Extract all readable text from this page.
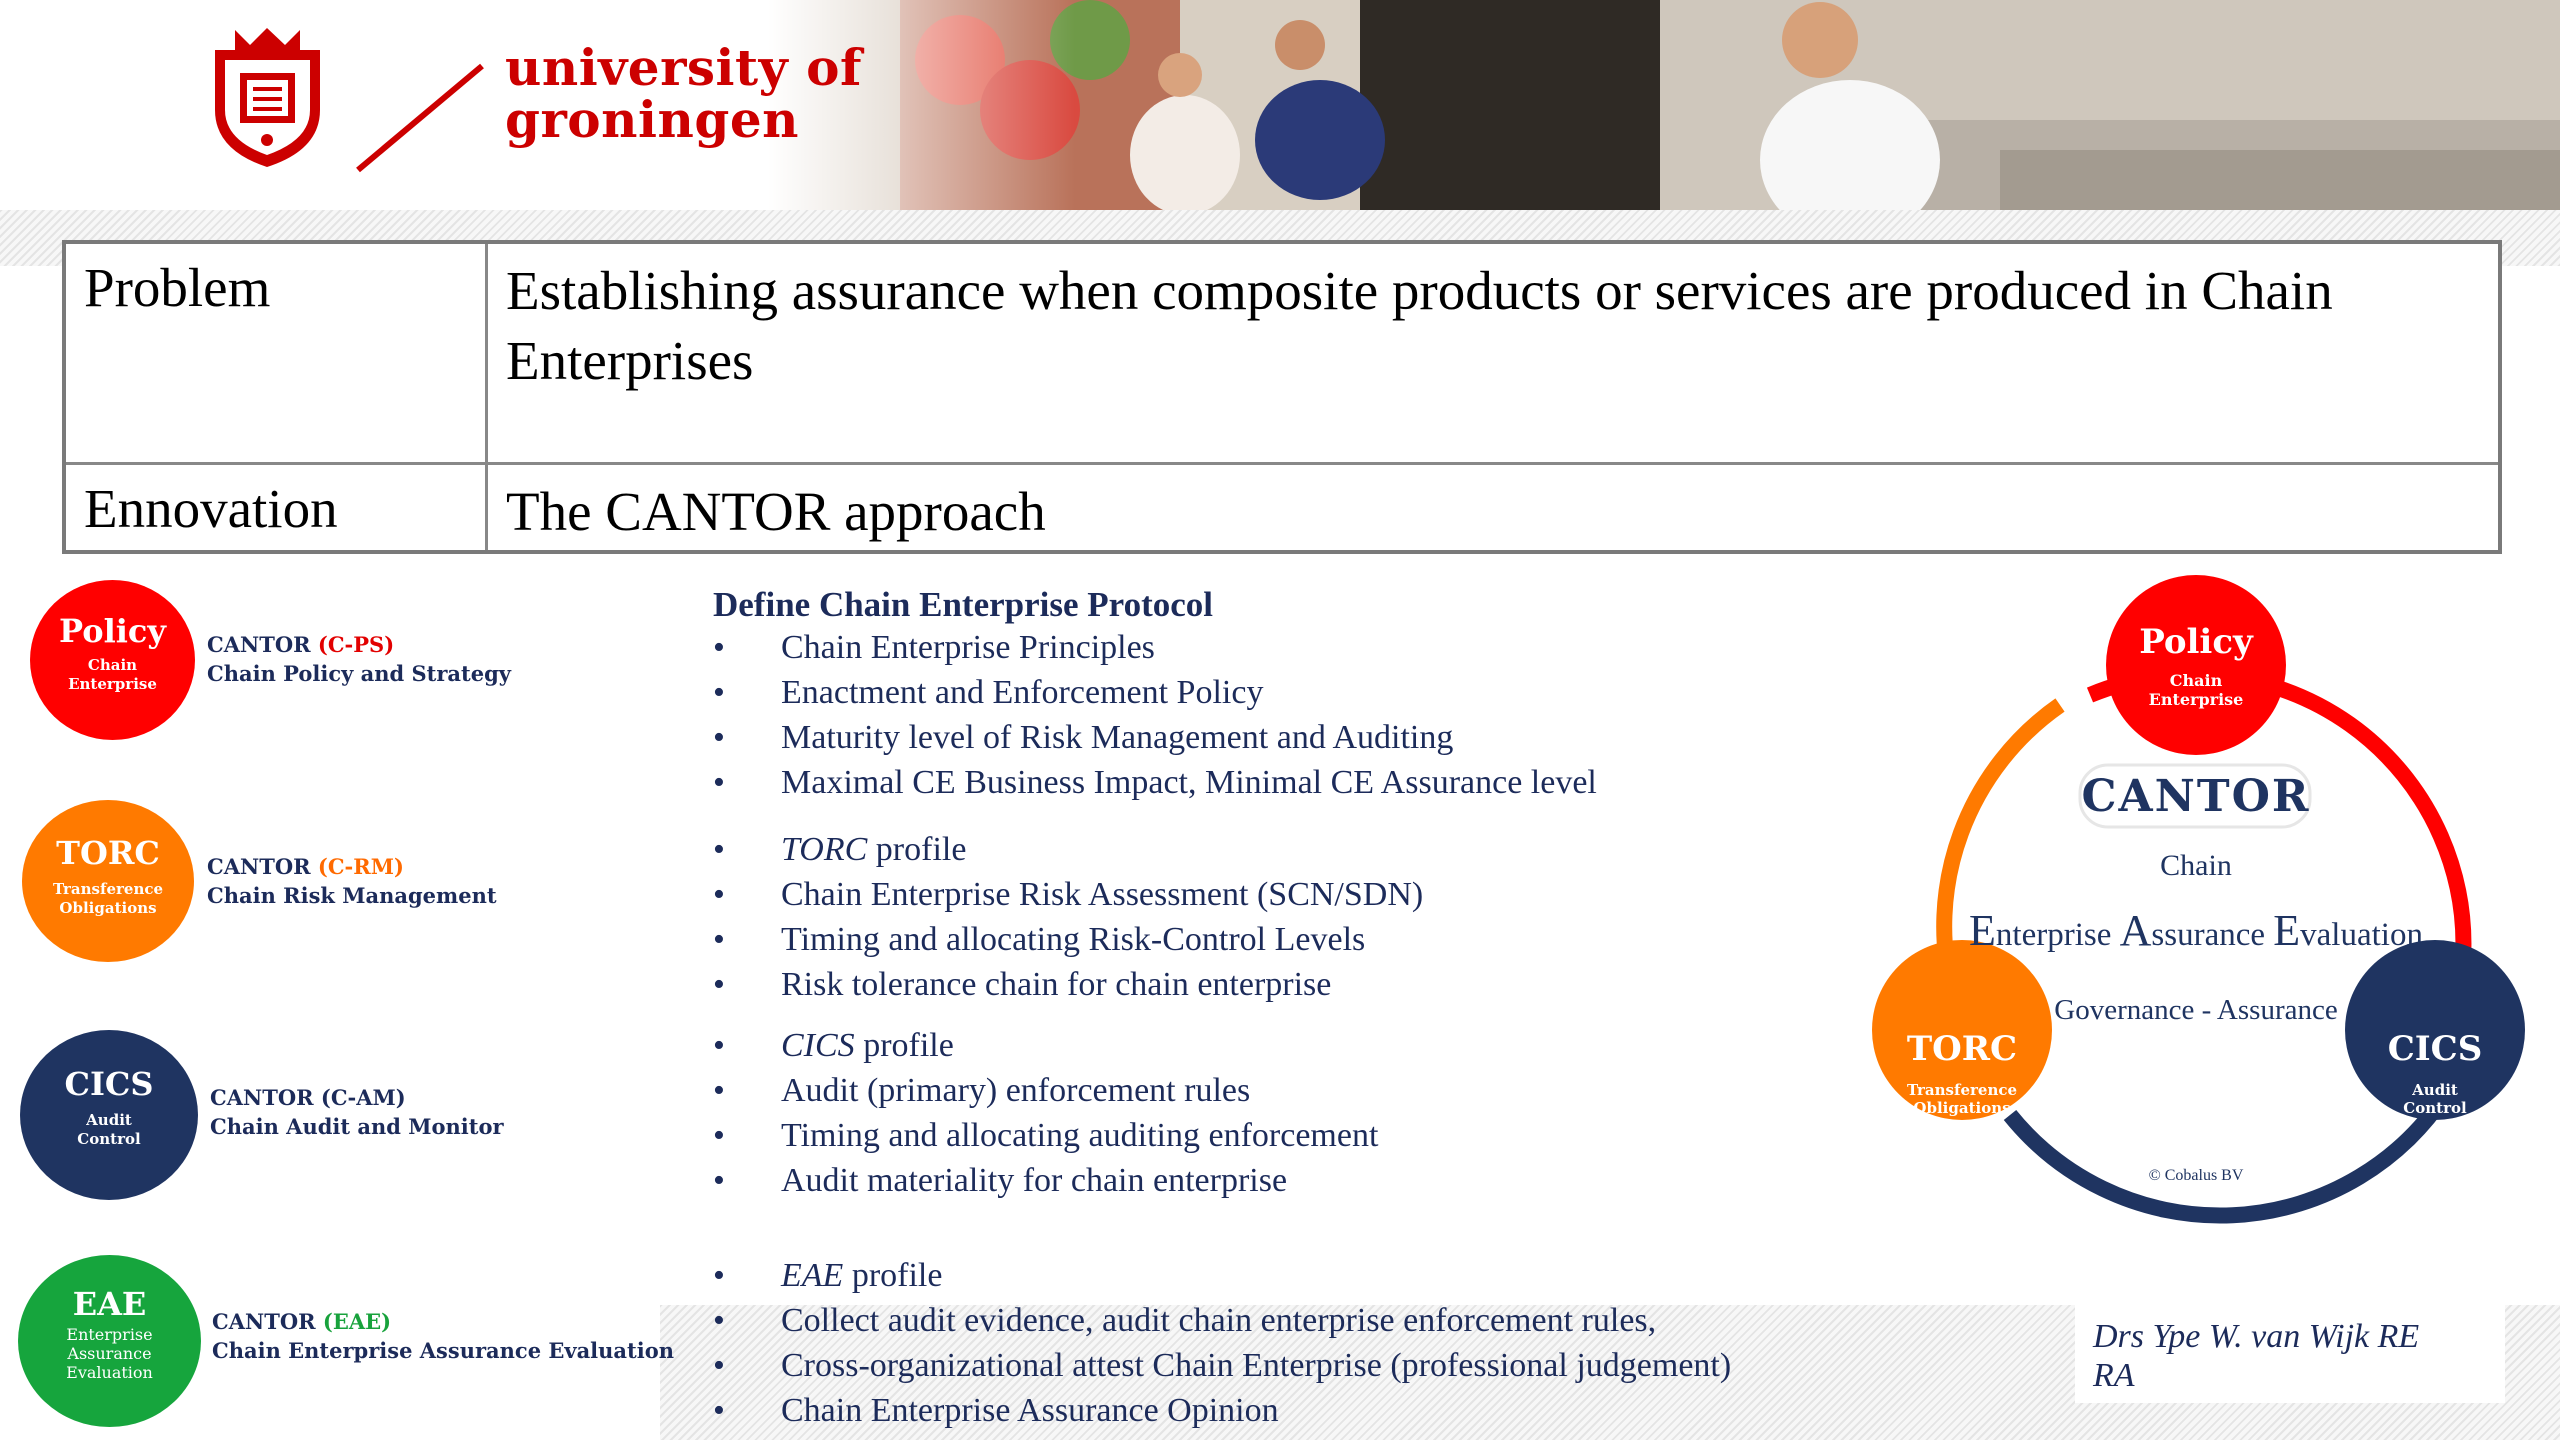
university of
groningen
Problem	Establishing assurance when composite products or services are produced in Chain Enterprises
Ennovation	The CANTOR approach
Policy
Chain
Enterprise
CANTOR (C-PS)
Chain Policy and Strategy
TORC
Transference
Obligations
CANTOR (C-RM)
Chain Risk Management
CICS
Audit
Control
CANTOR (C-AM)
Chain Audit and Monitor
EAE
Enterprise
Assurance
Evaluation
CANTOR (EAE)
Chain Enterprise Assurance Evaluation
Define Chain Enterprise Protocol
• Chain Enterprise Principles
• Enactment and Enforcement Policy
• Maturity level of Risk Management and Auditing
• Maximal CE Business Impact, Minimal CE Assurance level
• TORC profile
• Chain Enterprise Risk Assessment (SCN/SDN)
• Timing and allocating Risk-Control Levels
• Risk tolerance chain for chain enterprise
• CICS profile
• Audit (primary) enforcement rules
• Timing and allocating auditing enforcement
• Audit materiality for chain enterprise
• EAE profile
• Collect audit evidence, audit chain enterprise enforcement rules,
• Cross-organizational attest Chain Enterprise (professional judgement)
• Chain Enterprise Assurance Opinion
Drs Ype W. van Wijk RE
RA
Policy
Chain
Enterprise
TORC
Transference
Obligations
CICS
Audit
Control
CANTOR
Chain
Enterprise Assurance Evaluation
Governance - Assurance
© Cobalus BV
